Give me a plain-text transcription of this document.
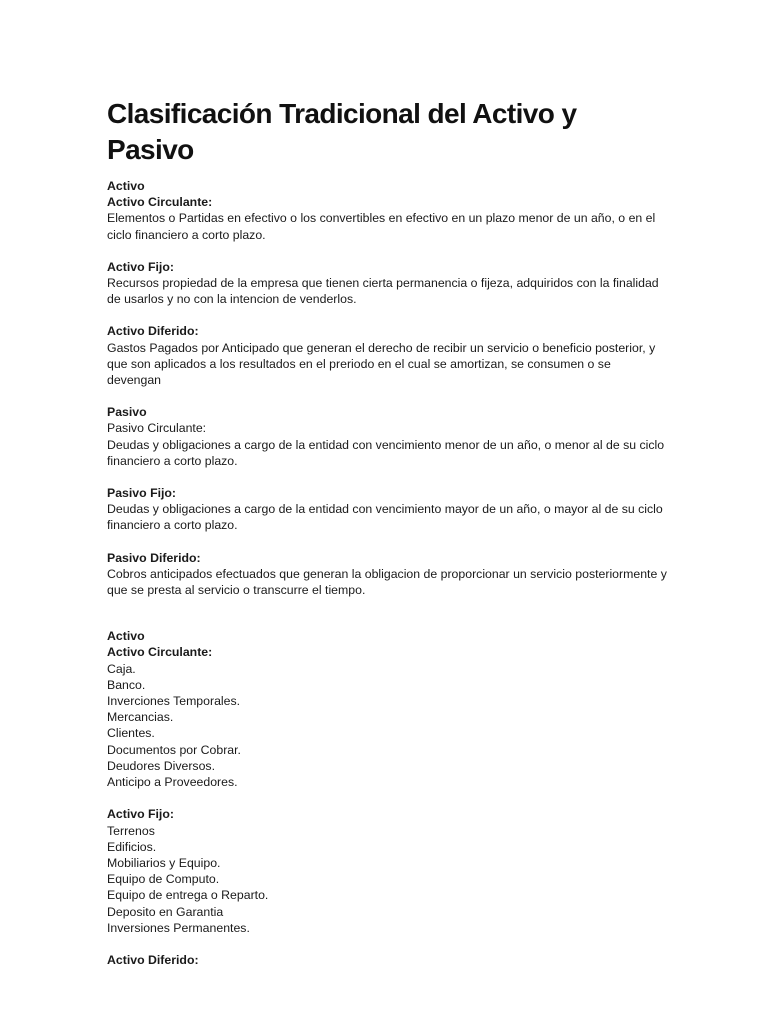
Clasificación Tradicional del Activo y Pasivo

Activo

Activo Circulante:

Elementos o Partidas en efectivo o los convertibles en efectivo en un plazo menor de un año, o en el ciclo financiero a corto plazo.

Activo Fijo:

Recursos propiedad de la empresa que tienen cierta permanencia o fijeza, adquiridos con la finalidad de usarlos y no con la intencion de venderlos.

Activo Diferido:

Gastos Pagados por Anticipado que generan el derecho de recibir un servicio o beneficio posterior, y que son aplicados a los resultados en el preriodo en el cual se amortizan, se consumen o se devengan

Pasivo

Pasivo Circulante:

Deudas y obligaciones a cargo de la entidad con vencimiento menor de un año, o menor al de su ciclo financiero a corto plazo.

Pasivo Fijo:

Deudas y obligaciones a cargo de la entidad con vencimiento mayor de un año, o mayor al de su ciclo financiero a corto plazo.

Pasivo Diferido:

Cobros anticipados efectuados que generan la obligacion de proporcionar un servicio posteriormente y que se presta al servicio o transcurre el tiempo.

Activo

Activo Circulante:

Caja.
Banco.
Inverciones Temporales.
Mercancias.
Clientes.
Documentos por Cobrar.
Deudores Diversos.
Anticipo a Proveedores.

Activo Fijo:

Terrenos
Edificios.
Mobiliarios y Equipo.
Equipo de Computo.
Equipo de entrega o Reparto.
Deposito en Garantia
Inversiones Permanentes.

Activo Diferido:
